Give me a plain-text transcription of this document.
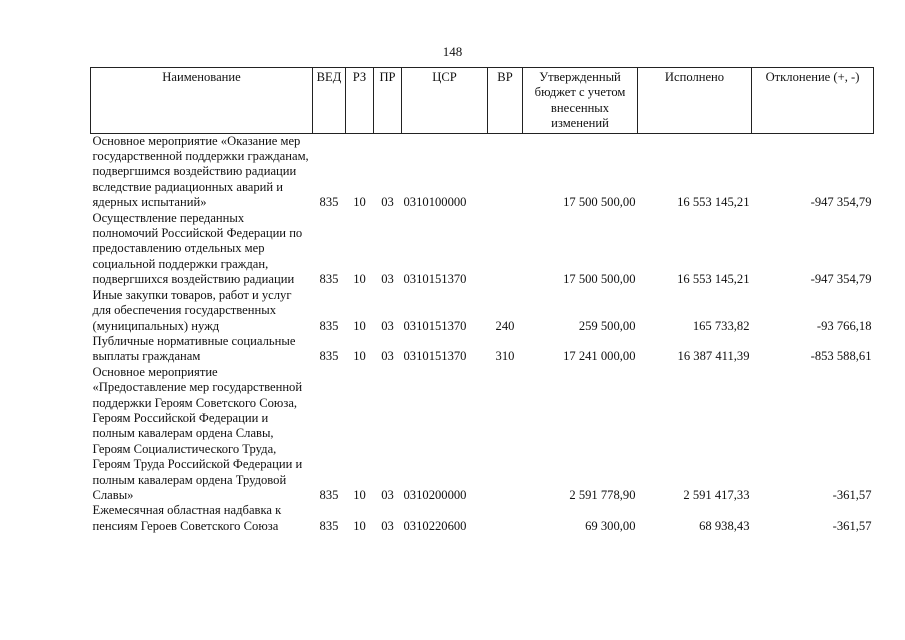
148
Наименование	ВЕД	РЗ	ПР	ЦСР	ВР	Утвержденный бюджет с учетом внесенных изменений	Исполнено	Отклонение (+, -)
Основное мероприятие «Оказание мер государственной поддержки гражданам, подвергшимся воздействию радиации вследствие радиационных аварий и ядерных испытаний»	835	10	03	0310100000		17 500 500,00	16 553 145,21	-947 354,79
Осуществление переданных полномочий Российской Федерации по предоставлению отдельных мер социальной поддержки граждан, подвергшихся воздействию радиации	835	10	03	0310151370		17 500 500,00	16 553 145,21	-947 354,79
Иные закупки товаров, работ и услуг для обеспечения государственных (муниципальных) нужд	835	10	03	0310151370	240	259 500,00	165 733,82	-93 766,18
Публичные нормативные социальные выплаты гражданам	835	10	03	0310151370	310	17 241 000,00	16 387 411,39	-853 588,61
Основное мероприятие «Предоставление мер государственной поддержки Героям Советского Союза, Героям Российской Федерации и полным кавалерам ордена Славы, Героям Социалистического Труда, Героям Труда Российской Федерации и полным кавалерам ордена Трудовой Славы»	835	10	03	0310200000		2 591 778,90	2 591 417,33	-361,57
Ежемесячная областная надбавка к пенсиям Героев Советского Союза	835	10	03	0310220600		69 300,00	68 938,43	-361,57
